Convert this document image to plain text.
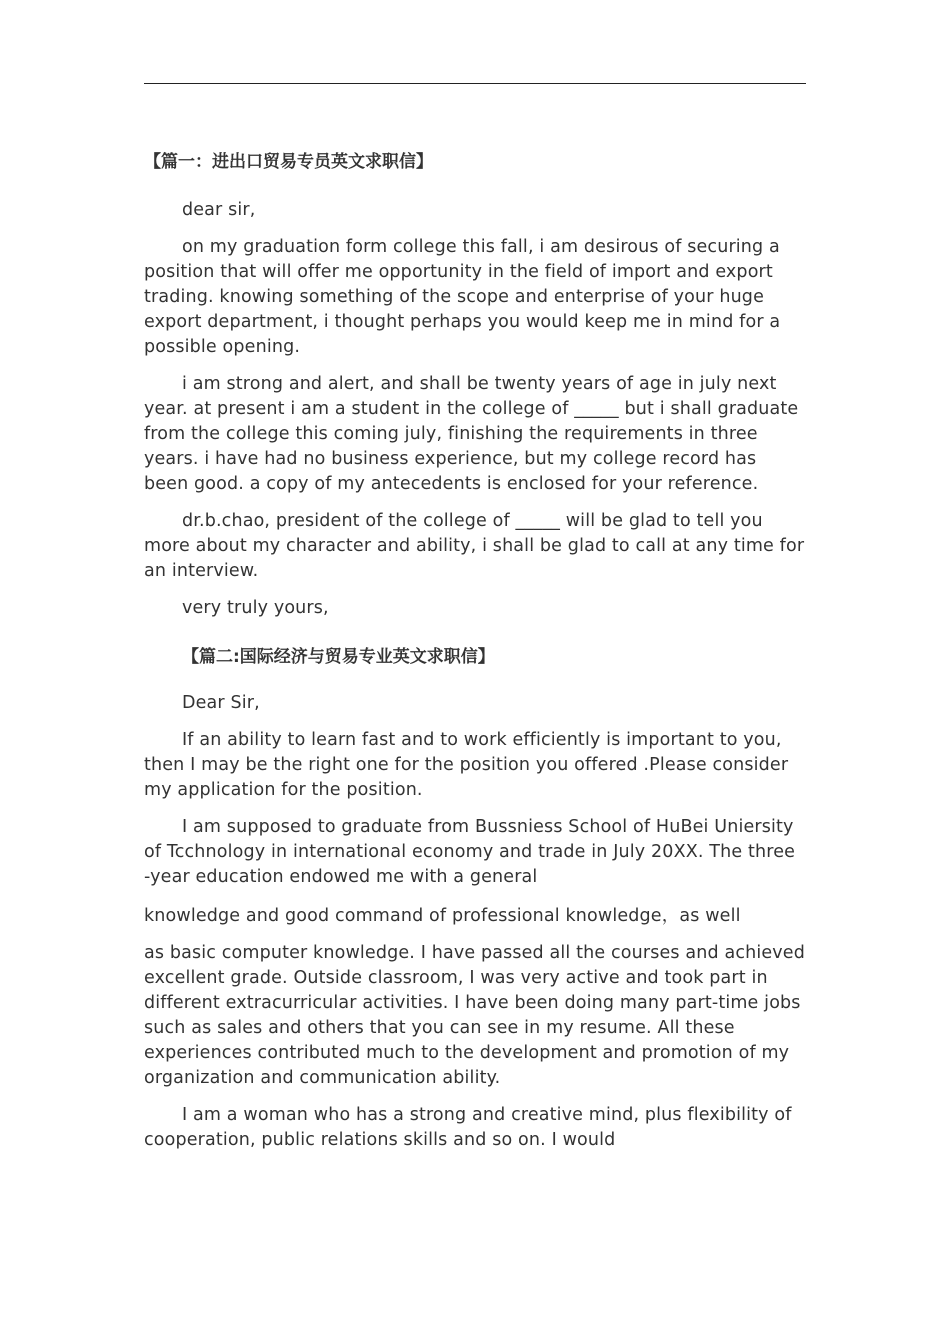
【篇一：进出口贸易专员英文求职信】

dear sir,

on my graduation form college this fall, i am desirous of securing a position that will offer me opportunity in the field of import and export trading. knowing something of the scope and enterprise of your huge export department, i thought perhaps you would keep me in mind for a possible opening.

i am strong and alert, and shall be twenty years of age in july next year. at present i am a student in the college of _____ but i shall graduate from the college this coming july, finishing the requirements in three years. i have had no business experience, but my college record has been good. a copy of my antecedents is enclosed for your reference.

dr.b.chao, president of the college of _____ will be glad to tell you more about my character and ability, i shall be glad to call at any time for an interview.

very truly yours,

【篇二:国际经济与贸易专业英文求职信】

Dear Sir,

If an ability to learn fast and to work efficiently is important to you, then I may be the right one for the position you offered .Please consider my application for the position.

I am supposed to graduate from Bussniess School of HuBei Uniersity of Tcchnology in international economy and trade in July 20XX. The three -year education endowed me with a general

knowledge and good command of professional knowledge，as well

as basic computer knowledge. I have passed all the courses and achieved excellent grade. Outside classroom, I was very active and took part in different extracurricular activities. I have been doing many part-time jobs such as sales and others that you can see in my resume. All these experiences contributed much to the development and promotion of my organization and communication ability.

I am a woman who has a strong and creative mind, plus flexibility of cooperation, public relations skills and so on. I would
